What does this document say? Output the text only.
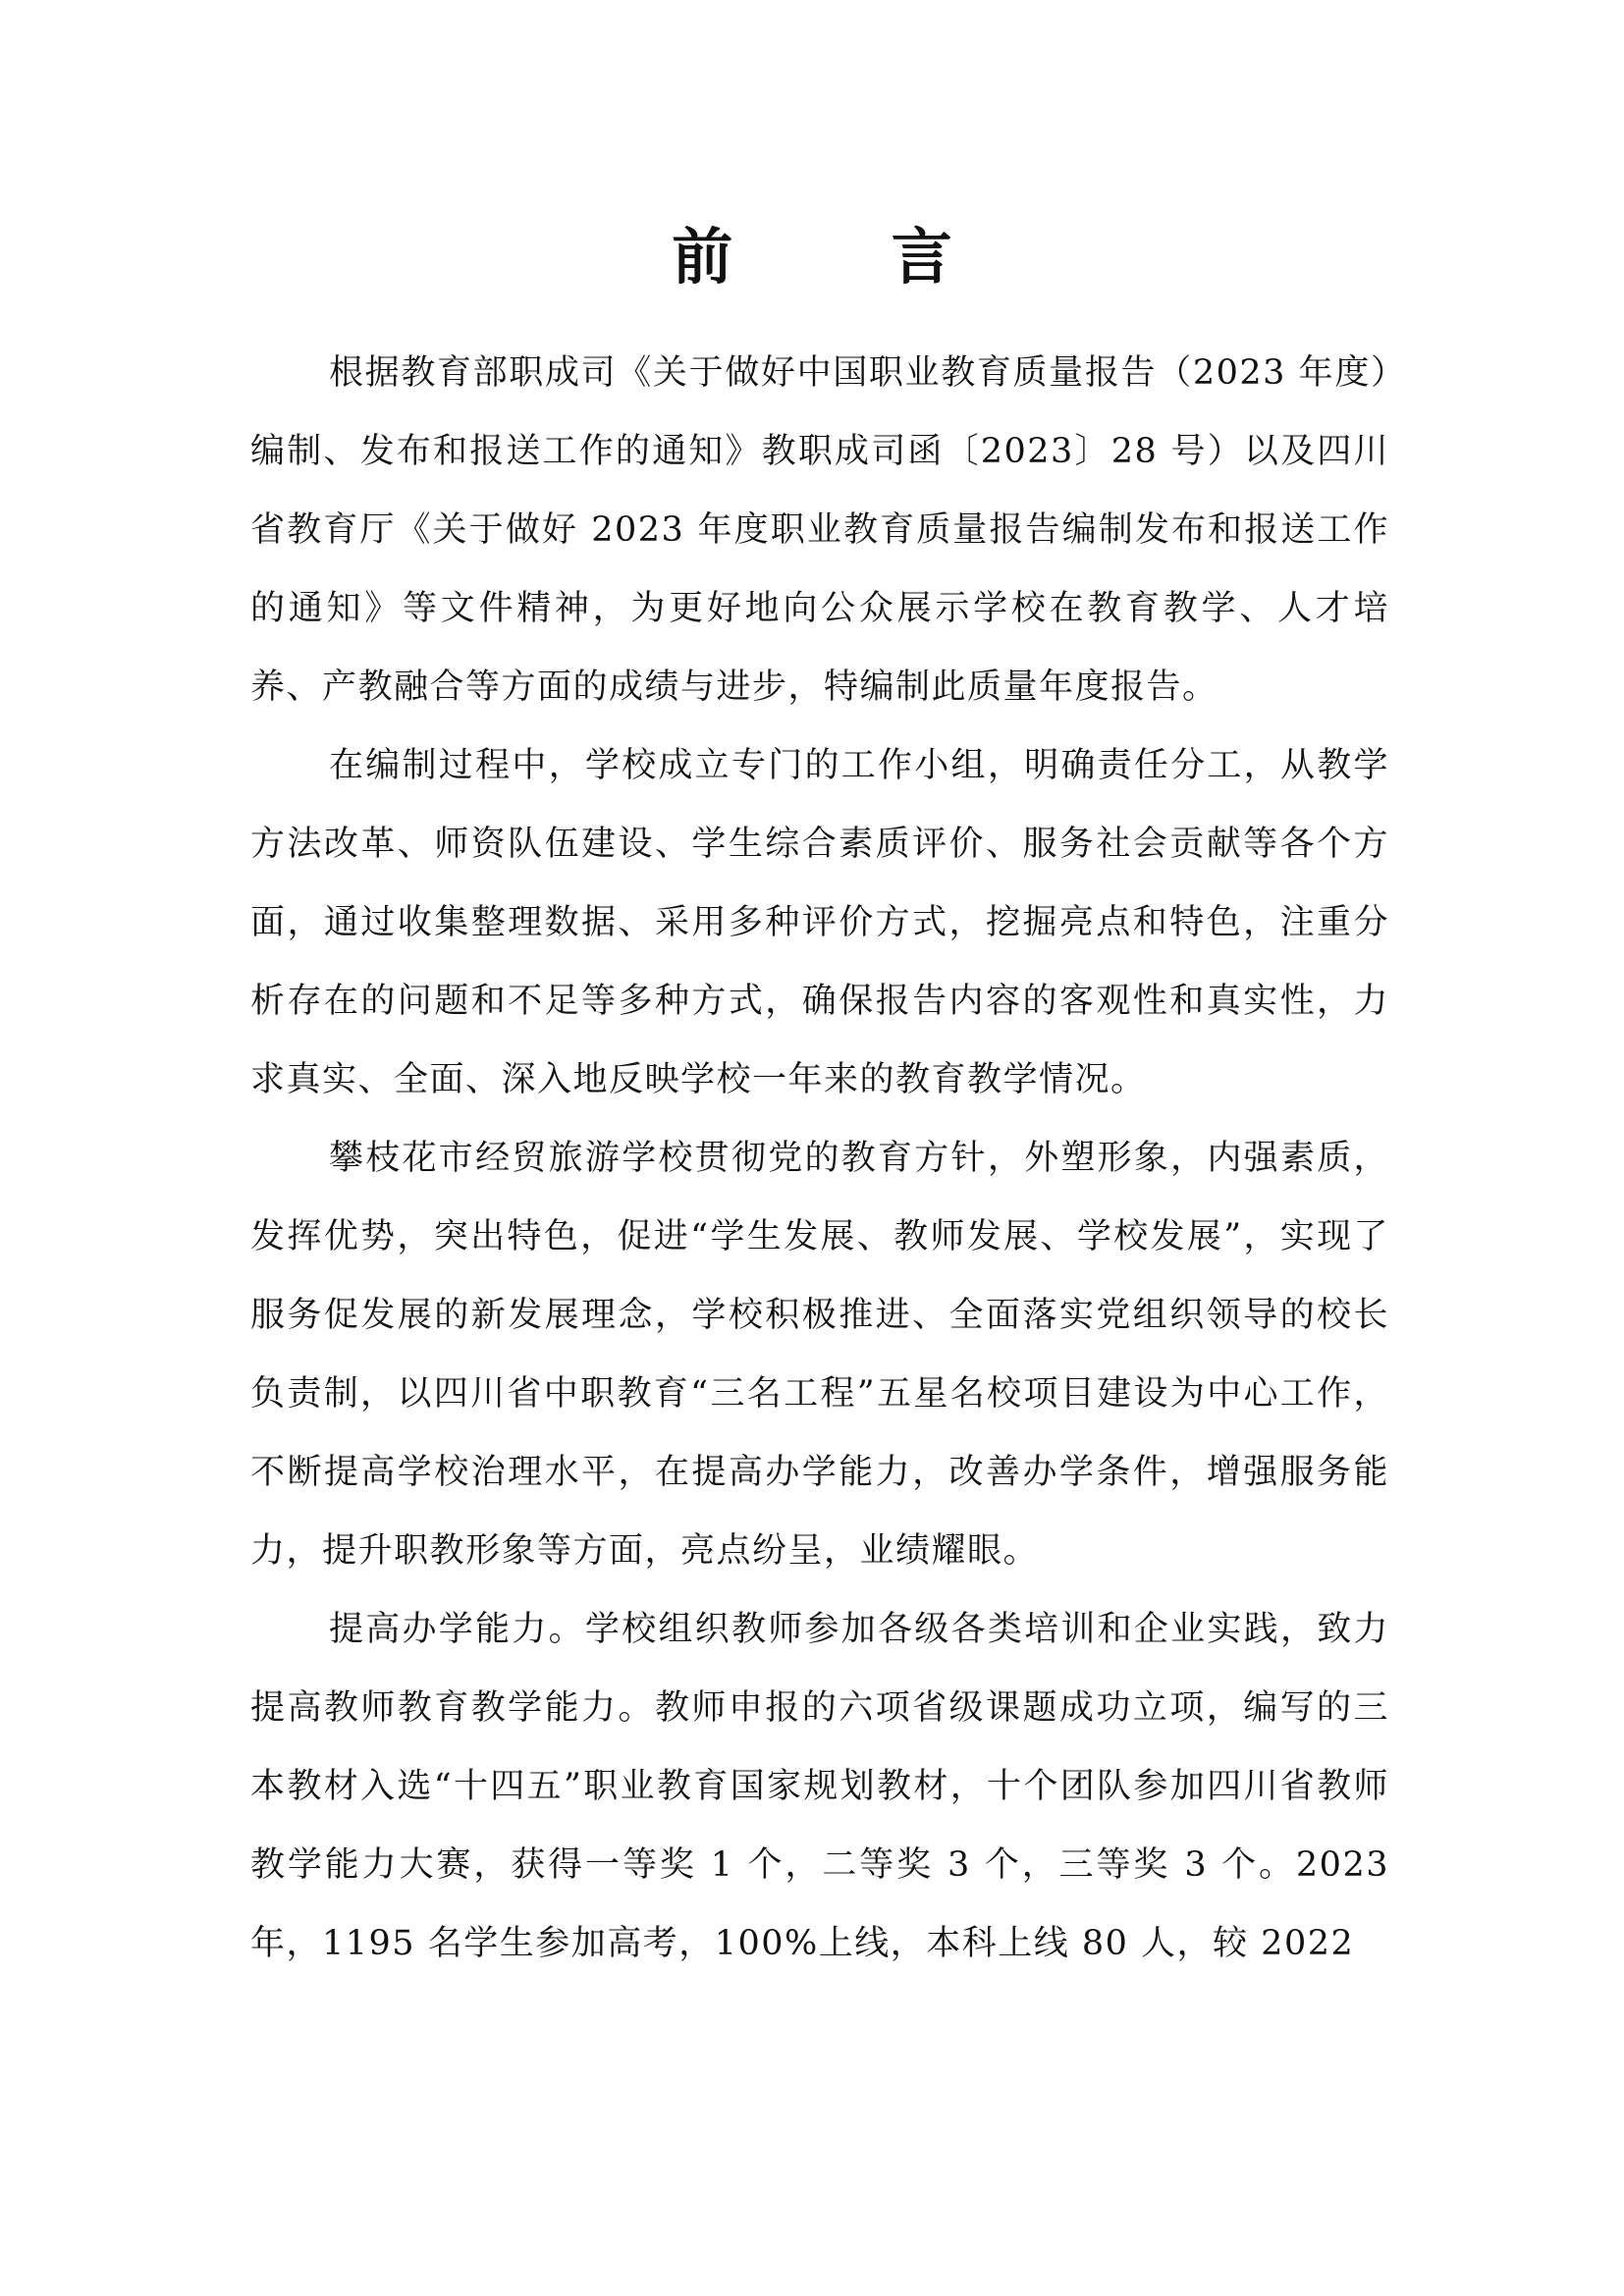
前 言

根据教育部职成司《关于做好中国职业教育质量报告（2023 年度）编制、发布和报送工作的通知》教职成司函〔2023〕28 号）以及四川省教育厅《关于做好 2023 年度职业教育质量报告编制发布和报送工作的通知》等文件精神，为更好地向公众展示学校在教育教学、人才培养、产教融合等方面的成绩与进步，特编制此质量年度报告。

在编制过程中，学校成立专门的工作小组，明确责任分工，从教学方法改革、师资队伍建设、学生综合素质评价、服务社会贡献等各个方面，通过收集整理数据、采用多种评价方式，挖掘亮点和特色，注重分析存在的问题和不足等多种方式，确保报告内容的客观性和真实性，力求真实、全面、深入地反映学校一年来的教育教学情况。

攀枝花市经贸旅游学校贯彻党的教育方针，外塑形象，内强素质，发挥优势，突出特色，促进“学生发展、教师发展、学校发展”，实现了服务促发展的新发展理念，学校积极推进、全面落实党组织领导的校长负责制，以四川省中职教育“三名工程”五星名校项目建设为中心工作，不断提高学校治理水平，在提高办学能力，改善办学条件，增强服务能力，提升职教形象等方面，亮点纷呈，业绩耀眼。

提高办学能力。学校组织教师参加各级各类培训和企业实践，致力提高教师教育教学能力。教师申报的六项省级课题成功立项，编写的三本教材入选“十四五”职业教育国家规划教材，十个团队参加四川省教师教学能力大赛，获得一等奖 1 个，二等奖 3 个，三等奖 3 个。2023 年，1195 名学生参加高考，100%上线，本科上线 80 人，较 2022
